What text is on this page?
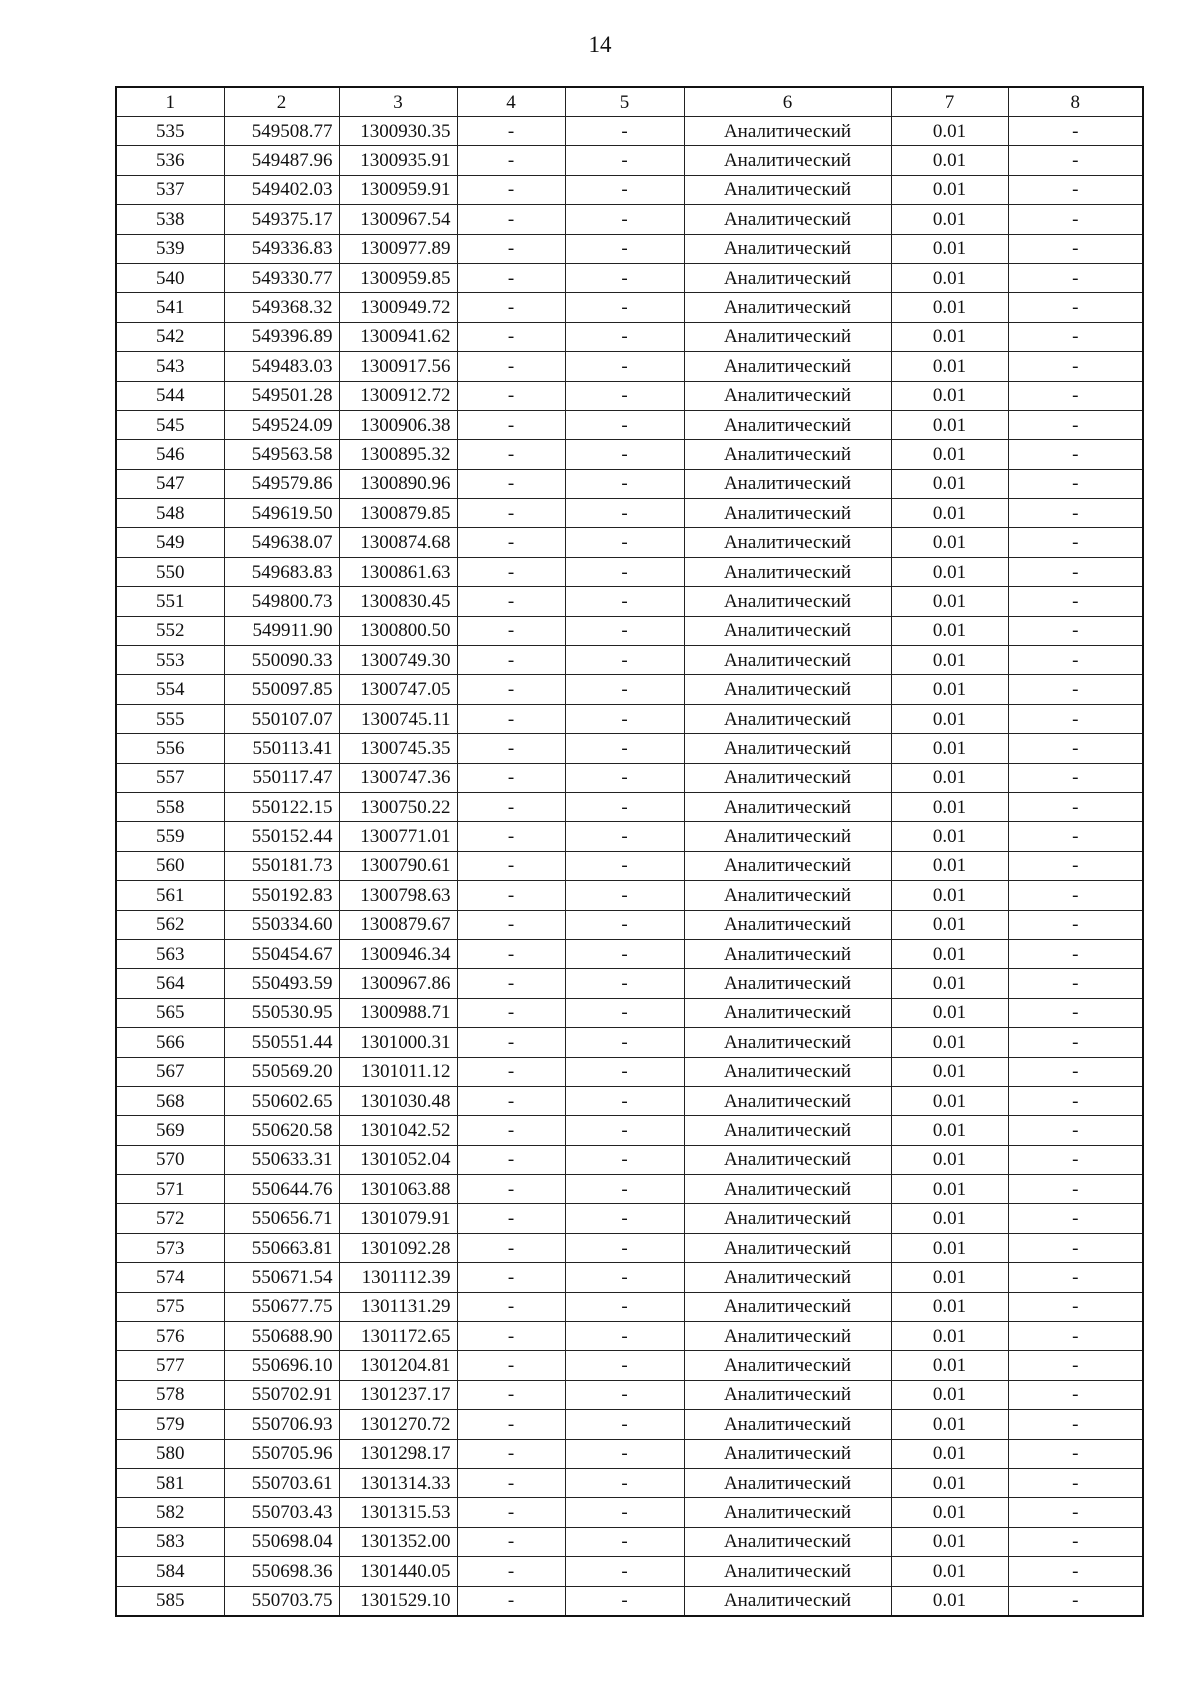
14
1	2	3	4	5	6	7	8
535	549508.77	1300930.35	-	-	Аналитический	0.01	-
536	549487.96	1300935.91	-	-	Аналитический	0.01	-
537	549402.03	1300959.91	-	-	Аналитический	0.01	-
538	549375.17	1300967.54	-	-	Аналитический	0.01	-
539	549336.83	1300977.89	-	-	Аналитический	0.01	-
540	549330.77	1300959.85	-	-	Аналитический	0.01	-
541	549368.32	1300949.72	-	-	Аналитический	0.01	-
542	549396.89	1300941.62	-	-	Аналитический	0.01	-
543	549483.03	1300917.56	-	-	Аналитический	0.01	-
544	549501.28	1300912.72	-	-	Аналитический	0.01	-
545	549524.09	1300906.38	-	-	Аналитический	0.01	-
546	549563.58	1300895.32	-	-	Аналитический	0.01	-
547	549579.86	1300890.96	-	-	Аналитический	0.01	-
548	549619.50	1300879.85	-	-	Аналитический	0.01	-
549	549638.07	1300874.68	-	-	Аналитический	0.01	-
550	549683.83	1300861.63	-	-	Аналитический	0.01	-
551	549800.73	1300830.45	-	-	Аналитический	0.01	-
552	549911.90	1300800.50	-	-	Аналитический	0.01	-
553	550090.33	1300749.30	-	-	Аналитический	0.01	-
554	550097.85	1300747.05	-	-	Аналитический	0.01	-
555	550107.07	1300745.11	-	-	Аналитический	0.01	-
556	550113.41	1300745.35	-	-	Аналитический	0.01	-
557	550117.47	1300747.36	-	-	Аналитический	0.01	-
558	550122.15	1300750.22	-	-	Аналитический	0.01	-
559	550152.44	1300771.01	-	-	Аналитический	0.01	-
560	550181.73	1300790.61	-	-	Аналитический	0.01	-
561	550192.83	1300798.63	-	-	Аналитический	0.01	-
562	550334.60	1300879.67	-	-	Аналитический	0.01	-
563	550454.67	1300946.34	-	-	Аналитический	0.01	-
564	550493.59	1300967.86	-	-	Аналитический	0.01	-
565	550530.95	1300988.71	-	-	Аналитический	0.01	-
566	550551.44	1301000.31	-	-	Аналитический	0.01	-
567	550569.20	1301011.12	-	-	Аналитический	0.01	-
568	550602.65	1301030.48	-	-	Аналитический	0.01	-
569	550620.58	1301042.52	-	-	Аналитический	0.01	-
570	550633.31	1301052.04	-	-	Аналитический	0.01	-
571	550644.76	1301063.88	-	-	Аналитический	0.01	-
572	550656.71	1301079.91	-	-	Аналитический	0.01	-
573	550663.81	1301092.28	-	-	Аналитический	0.01	-
574	550671.54	1301112.39	-	-	Аналитический	0.01	-
575	550677.75	1301131.29	-	-	Аналитический	0.01	-
576	550688.90	1301172.65	-	-	Аналитический	0.01	-
577	550696.10	1301204.81	-	-	Аналитический	0.01	-
578	550702.91	1301237.17	-	-	Аналитический	0.01	-
579	550706.93	1301270.72	-	-	Аналитический	0.01	-
580	550705.96	1301298.17	-	-	Аналитический	0.01	-
581	550703.61	1301314.33	-	-	Аналитический	0.01	-
582	550703.43	1301315.53	-	-	Аналитический	0.01	-
583	550698.04	1301352.00	-	-	Аналитический	0.01	-
584	550698.36	1301440.05	-	-	Аналитический	0.01	-
585	550703.75	1301529.10	-	-	Аналитический	0.01	-
